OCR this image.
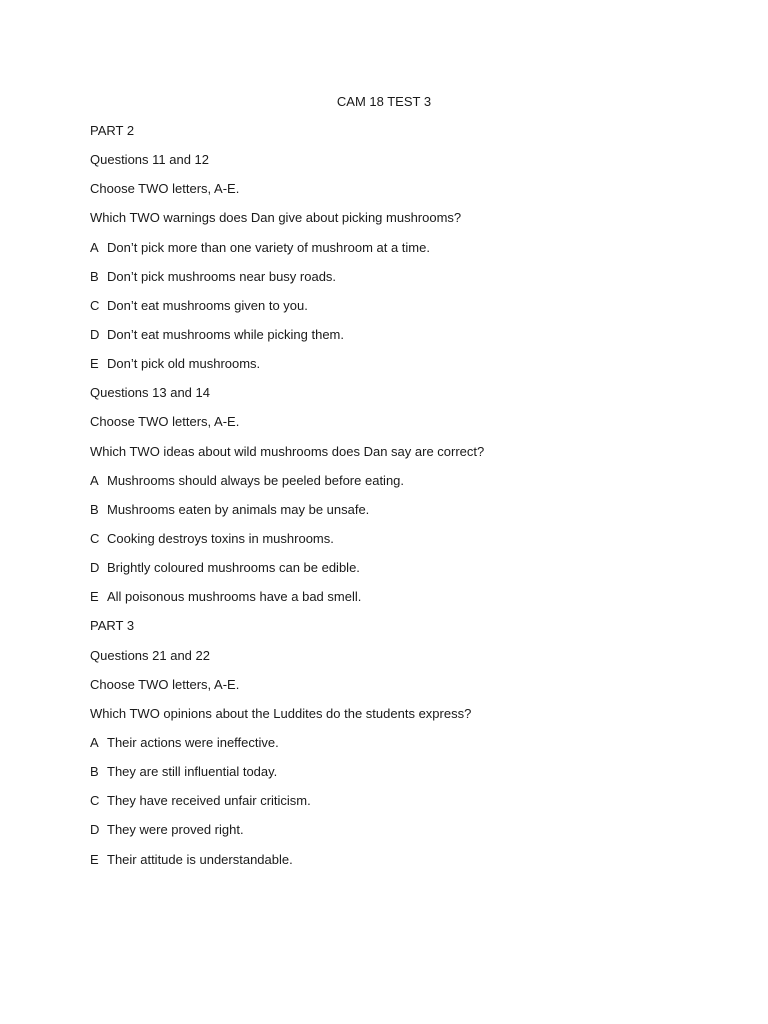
CAM 18 TEST 3
PART 2
Questions 11 and 12
Choose TWO letters, A-E.
Which TWO warnings does Dan give about picking mushrooms?
A Don’t pick more than one variety of mushroom at a time.
B Don’t pick mushrooms near busy roads.
C Don’t eat mushrooms given to you.
D Don’t eat mushrooms while picking them.
E Don’t pick old mushrooms.
Questions 13 and 14
Choose TWO letters, A-E.
Which TWO ideas about wild mushrooms does Dan say are correct?
A Mushrooms should always be peeled before eating.
B Mushrooms eaten by animals may be unsafe.
C Cooking destroys toxins in mushrooms.
D Brightly coloured mushrooms can be edible.
E All poisonous mushrooms have a bad smell.
PART 3
Questions 21 and 22
Choose TWO letters, A-E.
Which TWO opinions about the Luddites do the students express?
A Their actions were ineffective.
B They are still influential today.
C They have received unfair criticism.
D They were proved right.
E Their attitude is understandable.
